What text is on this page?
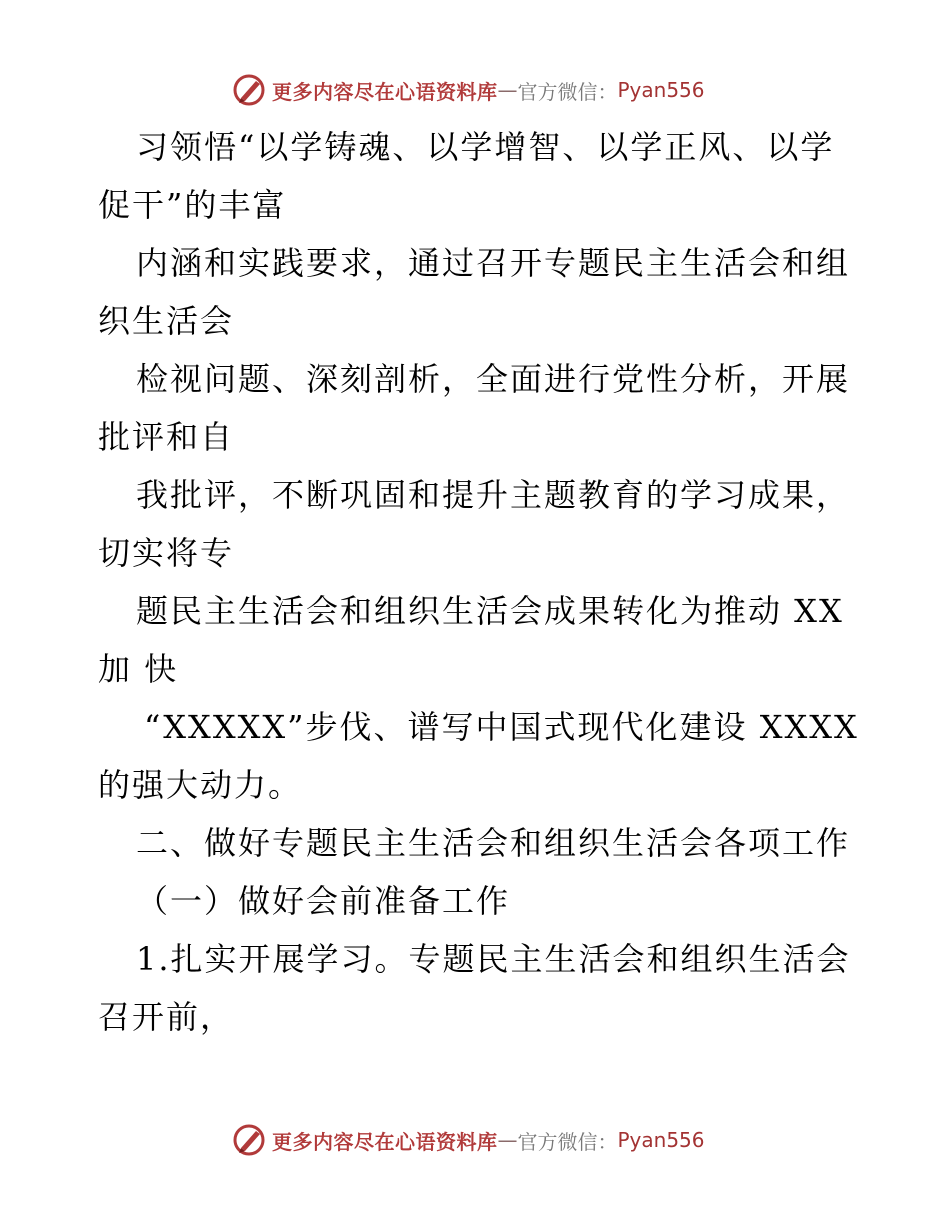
更多内容尽在心语资料库 — 官方微信： Pyan556
习领悟“以学铸魂、以学增智、以学正风、以学
促干”的丰富
内涵和实践要求，通过召开专题民主生活会和组
织生活会
检视问题、深刻剖析，全面进行党性分析，开展
批评和自
我批评，不断巩固和提升主题教育的学习成果，
切实将专
题民主生活会和组织生活会成果转化为推动 XX
加 快
“XXXXX”步伐、谱写中国式现代化建设 XXXX
的强大动力。
二、做好专题民主生活会和组织生活会各项工作
（一）做好会前准备工作
1.扎实开展学习。专题民主生活会和组织生活会
召开前，
更多内容尽在心语资料库 — 官方微信： Pyan556
